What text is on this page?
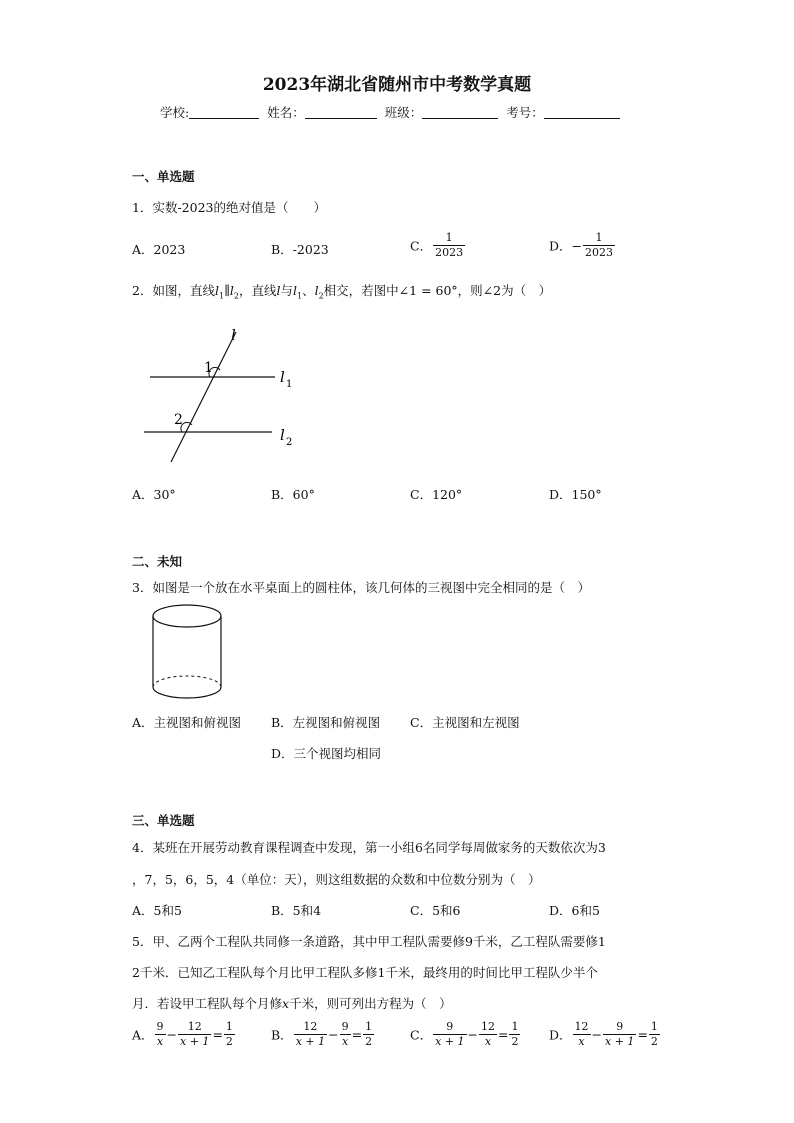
2023年湖北省随州市中考数学真题
学校:	姓名：	班级：	考号：
一、单选题
1．实数-2023的绝对值是（　　）
A．2023	B．-2023	C． $\frac{1}{2023}$	D．− $\frac{1}{2023}$
2．如图，直线$l_1\parallel l_2$，直线l与$l_1$、$l_2$相交，若图中∠1 = 60°，则∠2为（　）
l
1
2
l 1
l 2
A．30°	B．60°	C．120°	D．150°
二、未知
3．如图是一个放在水平桌面上的圆柱体，该几何体的三视图中完全相同的是（　）
A．主视图和俯视图 B．左视图和俯视图 C．主视图和左视图
D．三个视图均相同
三、单选题
4．某班在开展劳动教育课程调查中发现，第一小组6名同学每周做家务的天数依次为3
，7，5，6，5，4（单位：天），则这组数据的众数和中位数分别为（　）
A．5和5	B．5和4	C．5和6	D．6和5
5．甲、乙两个工程队共同修一条道路，其中甲工程队需要修9千米，乙工程队需要修1
2千米．已知乙工程队每个月比甲工程队多修1千米，最终用的时间比甲工程队少半个
月．若设甲工程队每个月修x千米，则可列出方程为（　）
A． $\frac{9}{x} - \frac{12}{x + 1} = \frac{1}{2}$	B． $\frac{12}{x + 1} - \frac{9}{x} = \frac{1}{2}$	C． $\frac{9}{x + 1} - \frac{12}{x} = \frac{1}{2}$ D． $\frac{12}{x} - \frac{9}{x + 1} = \frac{1}{2}$
